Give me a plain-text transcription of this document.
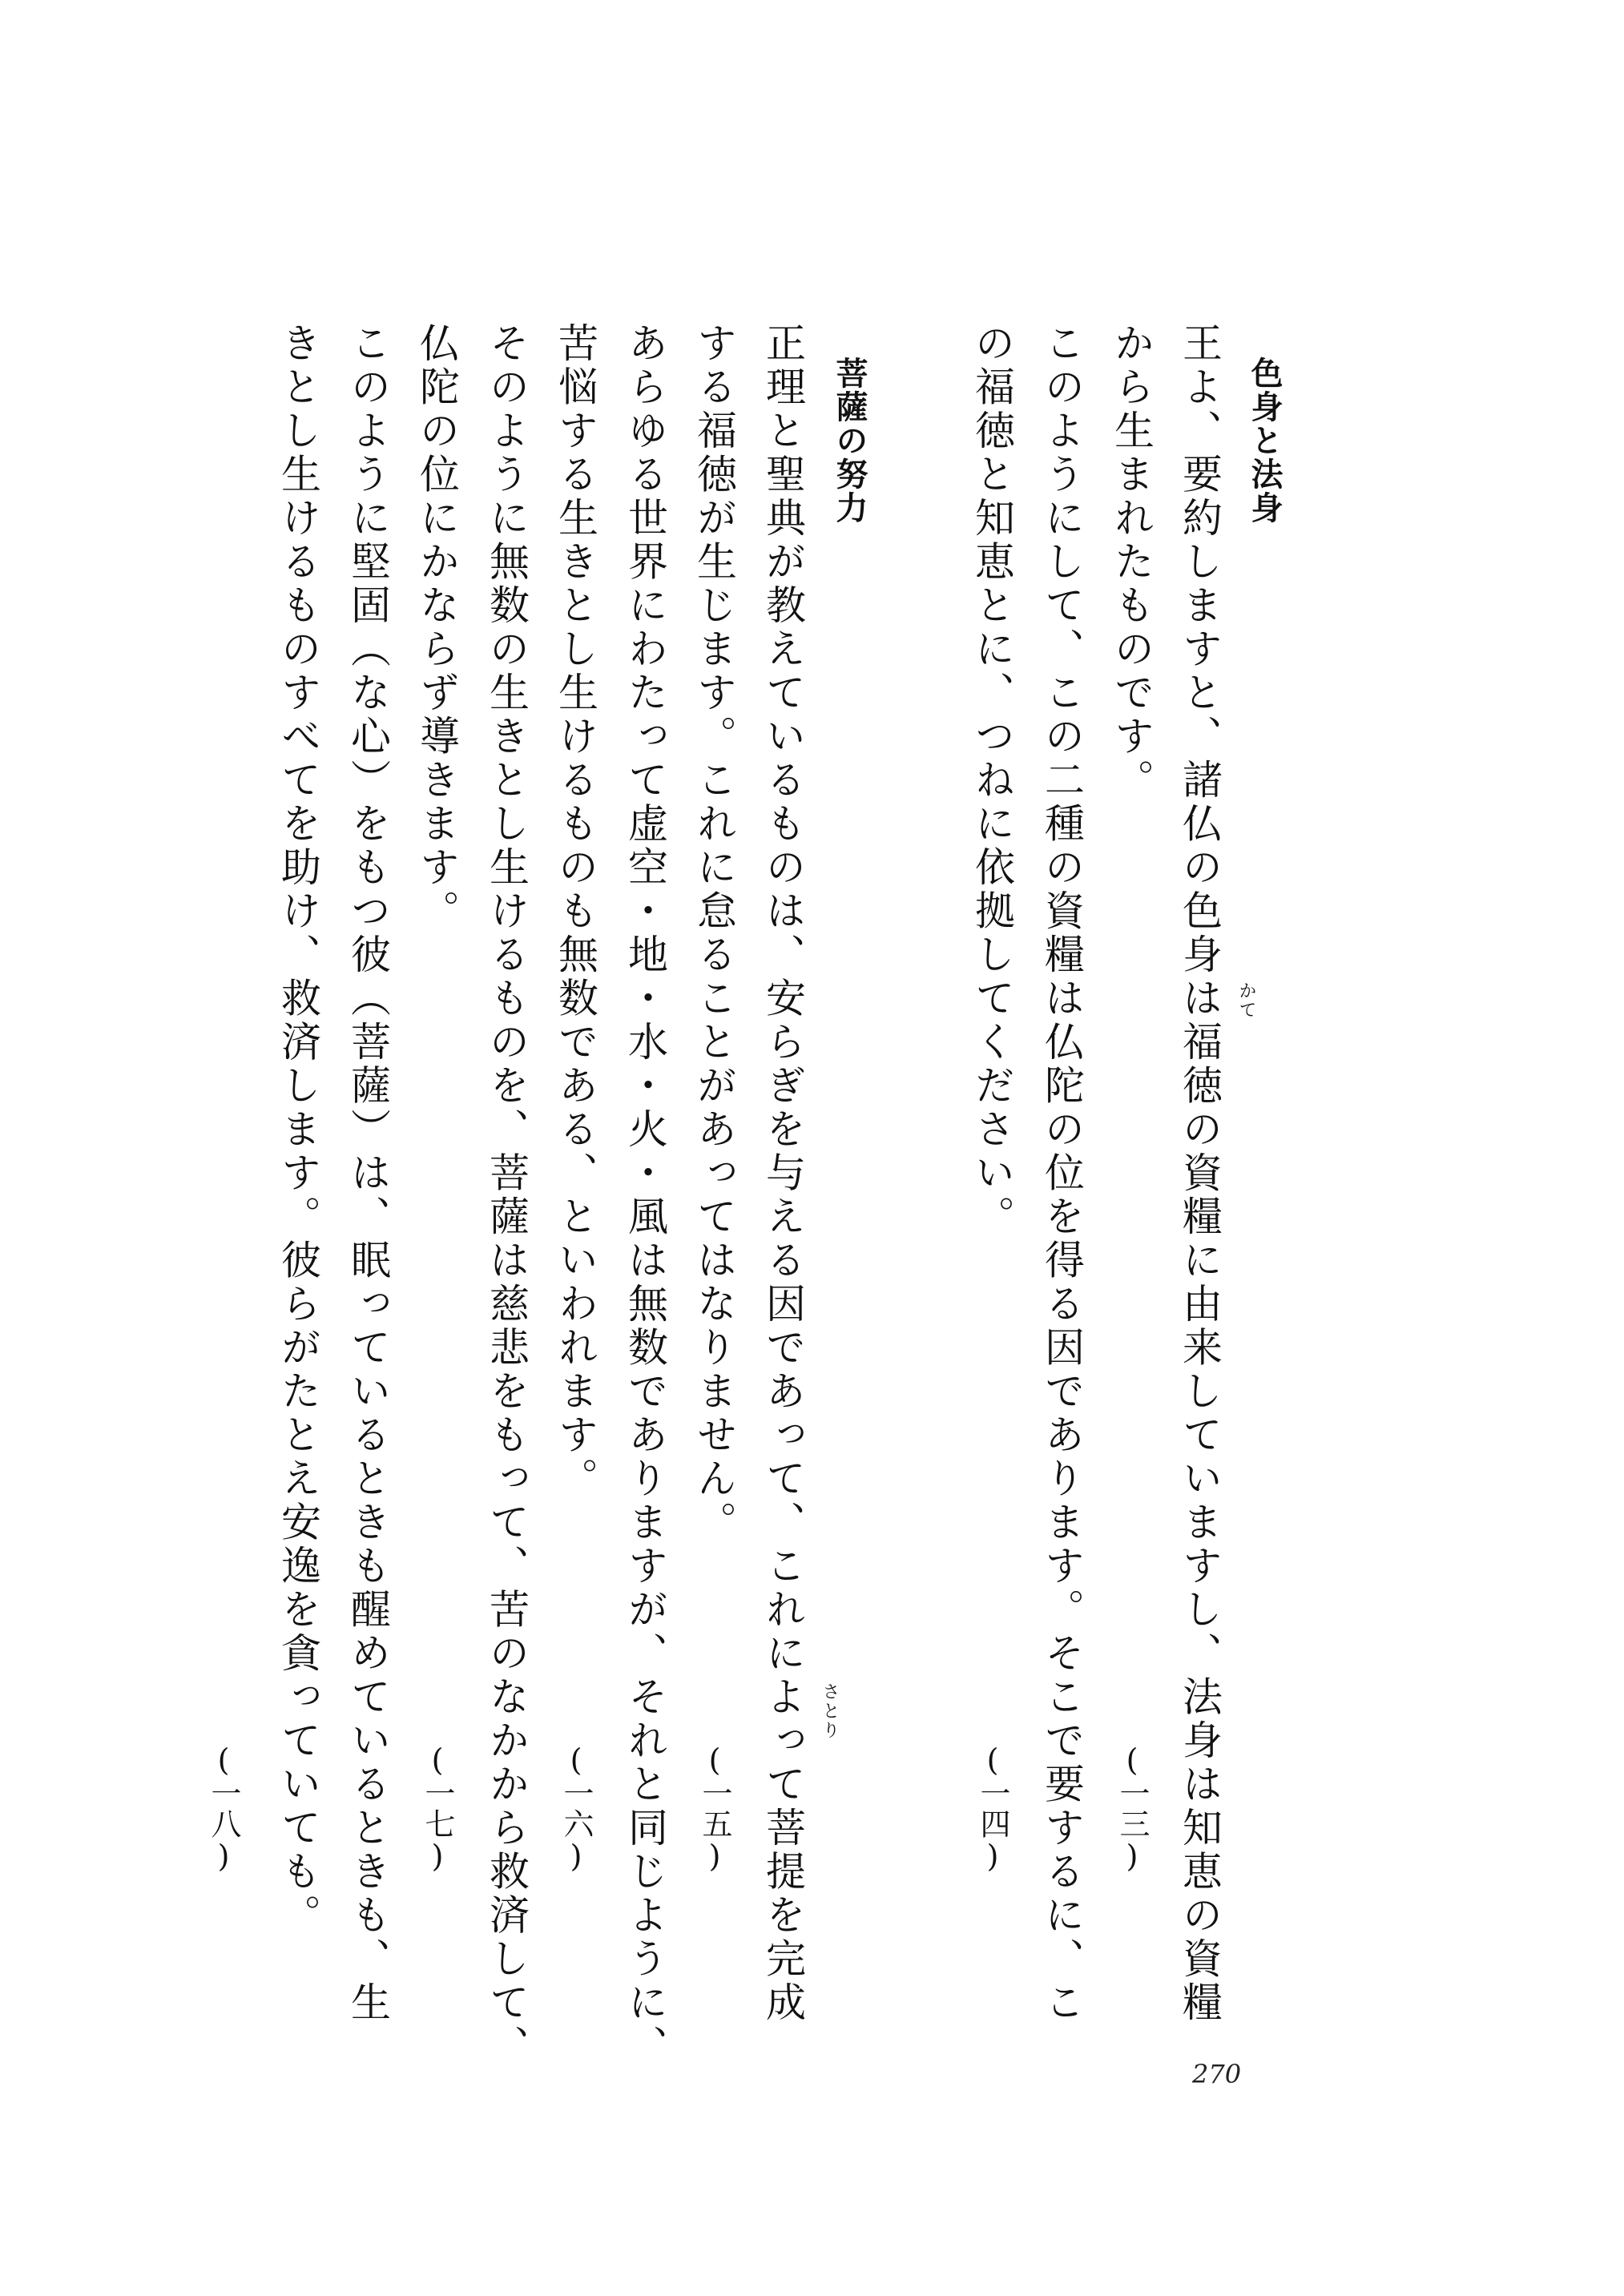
色身と法身
王よ、要約しますと、諸仏の色身は福徳の資糧に由来していますし、法身は知恵の資糧 かて
から生まれたものです。
(一三)
このようにして、この二種の資糧は仏陀の位を得る因であります。そこで要するに、こ
の福徳と知恵とに、つねに依拠してください。
(一四)
菩薩の努力
正理と聖典が教えているものは、安らぎを与える因であって、これによって菩提を完成 さとり
する福徳が生じます。これに怠ることがあってはなりません。
(一五)
あらゆる世界にわたって虚空・地・水・火・風は無数でありますが、それと同じように、
苦悩する生きとし生けるものも無数である、といわれます。
(一六)
そのように無数の生きとし生けるものを、菩薩は慈悲をもって、苦のなかから救済して、
仏陀の位にかならず導きます。
(一七)
このように堅固（な心）をもつ彼（菩薩）は、眠っているときも醒めているときも、生
きとし生けるものすべてを助け、救済します。彼らがたとえ安逸を貪っていても。
(一八)
270
